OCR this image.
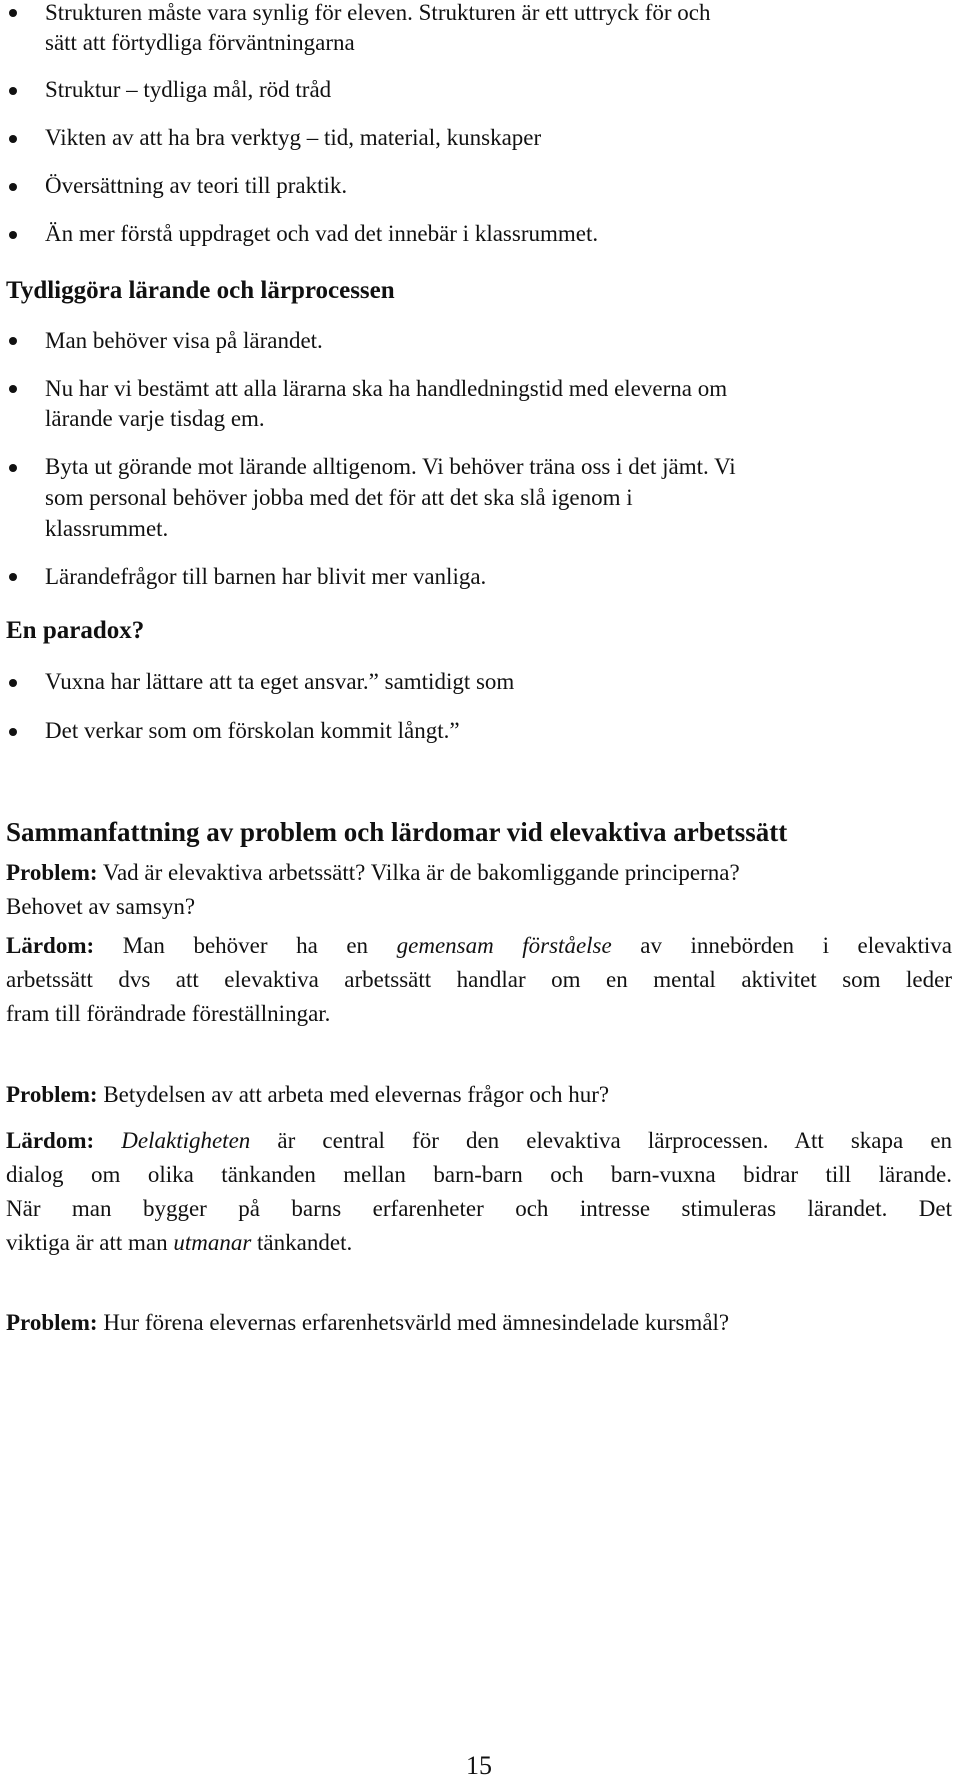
Strukturen måste vara synlig för eleven. Strukturen är ett uttryck för och
sätt att förtydliga förväntningarna
Struktur – tydliga mål, röd tråd
Vikten av att ha bra verktyg – tid, material, kunskaper
Översättning av teori till praktik.
Än mer förstå uppdraget och vad det innebär i klassrummet.
Tydliggöra lärande och lärprocessen
Man behöver visa på lärandet.
Nu har vi bestämt att alla lärarna ska ha handledningstid med eleverna om
lärande varje tisdag em.
Byta ut görande mot lärande alltigenom. Vi behöver träna oss i det jämt. Vi
som personal behöver jobba med det för att det ska slå igenom i
klassrummet.
Lärandefrågor till barnen har blivit mer vanliga.
En paradox?
Vuxna har lättare att ta eget ansvar.” samtidigt som
Det verkar som om förskolan kommit långt.”
Sammanfattning av problem och lärdomar vid elevaktiva arbetssätt
Problem: Vad är elevaktiva arbetssätt? Vilka är de bakomliggande principerna?
Behovet av samsyn?
Lärdom: Man behöver ha en gemensam förståelse av innebörden i elevaktiva
arbetssätt dvs att elevaktiva arbetssätt handlar om en mental aktivitet som leder
fram till förändrade föreställningar.
Problem: Betydelsen av att arbeta med elevernas frågor och hur?
Lärdom: Delaktigheten är central för den elevaktiva lärprocessen. Att skapa en
dialog om olika tänkanden mellan barn-barn och barn-vuxna bidrar till lärande.
När man bygger på barns erfarenheter och intresse stimuleras lärandet. Det
viktiga är att man utmanar tänkandet.
Problem: Hur förena elevernas erfarenhetsvärld med ämnesindelade kursmål?
15
